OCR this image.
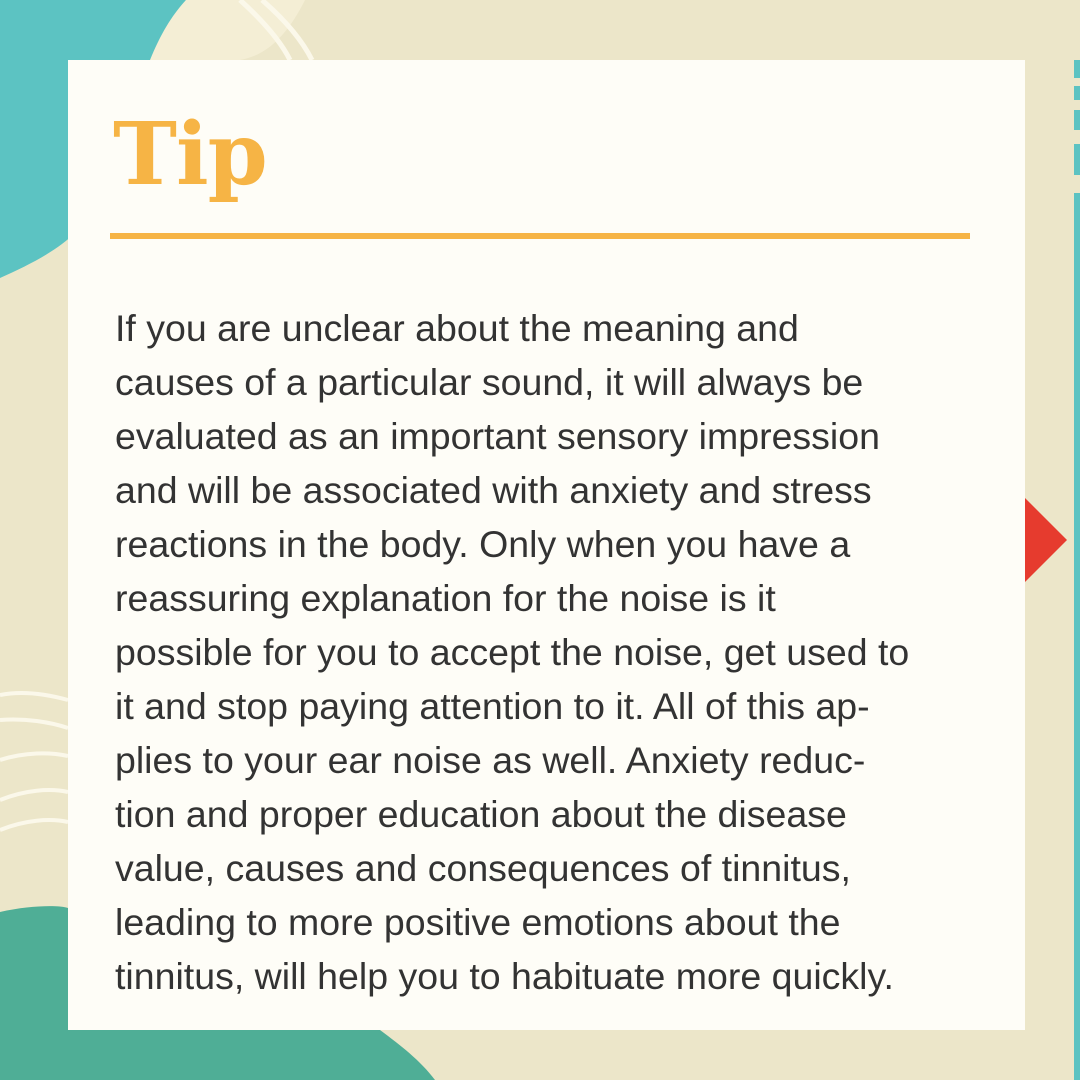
Tip

If you are unclear about the meaning and
causes of a particular sound, it will always be
evaluated as an important sensory impression
and will be associated with anxiety and stress
reactions in the body. Only when you have a
reassuring explanation for the noise is it
possible for you to accept the noise, get used to
it and stop paying attention to it. All of this ap-
plies to your ear noise as well. Anxiety reduc-
tion and proper education about the disease
value, causes and consequences of tinnitus,
leading to more positive emotions about the
tinnitus, will help you to habituate more quickly.
